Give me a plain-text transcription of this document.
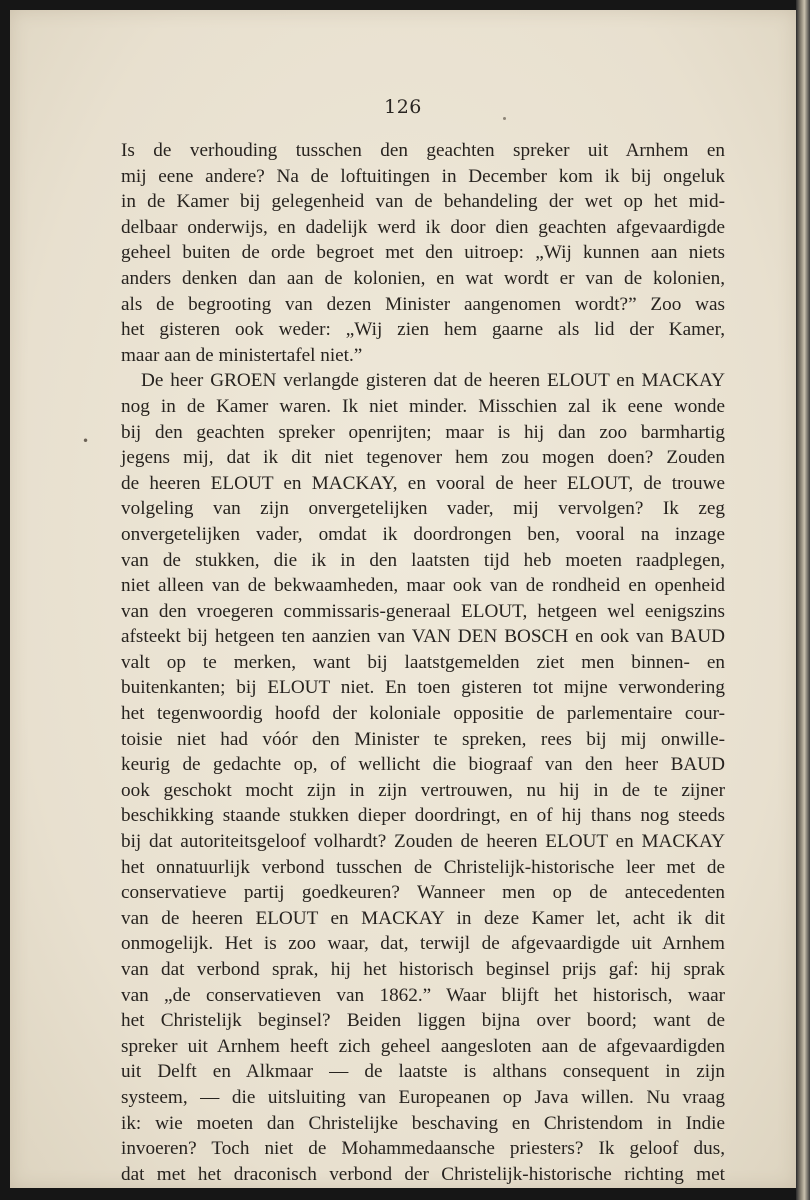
126
•
Is de verhouding tusschen den geachten spreker uit Arnhem en
mij eene andere? Na de loftuitingen in December kom ik bij ongeluk
in de Kamer bij gelegenheid van de behandeling der wet op het mid-
delbaar onderwijs, en dadelijk werd ik door dien geachten afgevaardigde
geheel buiten de orde begroet met den uitroep: „Wij kunnen aan niets
anders denken dan aan de kolonien, en wat wordt er van de kolonien,
als de begrooting van dezen Minister aangenomen wordt?” Zoo was
het gisteren ook weder: „Wij zien hem gaarne als lid der Kamer,
maar aan de ministertafel niet.”
De heer GROEN verlangde gisteren dat de heeren ELOUT en MACKAY
nog in de Kamer waren. Ik niet minder. Misschien zal ik eene wonde
bij den geachten spreker openrijten; maar is hij dan zoo barmhartig
jegens mij, dat ik dit niet tegenover hem zou mogen doen? Zouden
de heeren ELOUT en MACKAY, en vooral de heer ELOUT, de trouwe
volgeling van zijn onvergetelijken vader, mij vervolgen? Ik zeg
onvergetelijken vader, omdat ik doordrongen ben, vooral na inzage
van de stukken, die ik in den laatsten tijd heb moeten raadplegen,
niet alleen van de bekwaamheden, maar ook van de rondheid en openheid
van den vroegeren commissaris-generaal ELOUT, hetgeen wel eenigszins
afsteekt bij hetgeen ten aanzien van VAN DEN BOSCH en ook van BAUD
valt op te merken, want bij laatstgemelden ziet men binnen- en
buitenkanten; bij ELOUT niet. En toen gisteren tot mijne verwondering
het tegenwoordig hoofd der koloniale oppositie de parlementaire cour-
toisie niet had vóór den Minister te spreken, rees bij mij onwille-
keurig de gedachte op, of wellicht die biograaf van den heer BAUD
ook geschokt mocht zijn in zijn vertrouwen, nu hij in de te zijner
beschikking staande stukken dieper doordringt, en of hij thans nog steeds
bij dat autoriteitsgeloof volhardt? Zouden de heeren ELOUT en MACKAY
het onnatuurlijk verbond tusschen de Christelijk-historische leer met de
conservatieve partij goedkeuren? Wanneer men op de antecedenten
van de heeren ELOUT en MACKAY in deze Kamer let, acht ik dit
onmogelijk. Het is zoo waar, dat, terwijl de afgevaardigde uit Arnhem
van dat verbond sprak, hij het historisch beginsel prijs gaf: hij sprak
van „de conservatieven van 1862.” Waar blijft het historisch, waar
het Christelijk beginsel? Beiden liggen bijna over boord; want de
spreker uit Arnhem heeft zich geheel aangesloten aan de afgevaardigden
uit Delft en Alkmaar — de laatste is althans consequent in zijn
systeem, — die uitsluiting van Europeanen op Java willen. Nu vraag
ik: wie moeten dan Christelijke beschaving en Christendom in Indie
invoeren? Toch niet de Mohammedaansche priesters? Ik geloof dus,
dat met het draconisch verbond der Christelijk-historische richting met
